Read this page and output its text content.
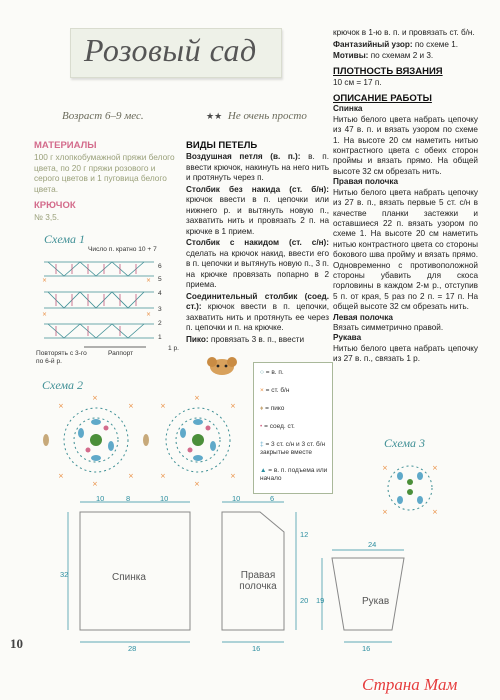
Розовый сад
Возраст 6–9 мес.	★★ Не очень просто
МАТЕРИАЛЫ
100 г хлопкобумажной пряжи белого цвета, по 20 г пряжи розового и серого цветов и 1 пуговица белого цвета.
КРЮЧОК
№ 3,5.
ВИДЫ ПЕТЕЛЬ

Воздушная петля (в. п.): в. п. ввести крючок, накинуть на него нить и протянуть через п.

Столбик без накида (ст. б/н): крючок ввести в п. цепочки или нижнего р. и вытянуть новую п., захватить нить и провязать 2 п. на крючке в 1 прием.

Столбик с накидом (ст. с/н): сделать на крючок накид, ввести его в п. цепочки и вытянуть новую п., 3 п. на крючке провязать попарно в 2 приема.

Соединительный столбик (соед. ст.): крючок ввести в п. цепочки, захватить нить и протянуть ее через п. цепочки и п. на крючке.

Пико: провязать 3 в. п., ввести

крючок в 1-ю в. п. и провязать ст. б/н.

Фантазийный узор: по схеме 1.

Мотивы: по схемам 2 и 3.

ПЛОТНОСТЬ ВЯЗАНИЯ

10 см = 17 п.

ОПИСАНИЕ РАБОТЫ
Спинка

Нитью белого цвета набрать цепочку из 47 в. п. и вязать узором по схеме 1. На высоте 20 см наметить нитью контрастного цвета с обеих сторон проймы и вязать прямо. На общей высоте 32 см обрезать нить.

Правая полочка

Нитью белого цвета набрать цепочку из 27 в. п., вязать первые 5 ст. с/н в качестве планки застежки и оставшиеся 22 п. вязать узором по схеме 1. На высоте 20 см наметить нитью контрастного цвета со стороны бокового шва пройму и вязать прямо. Одновременно с противоположной стороны убавить для скоса горловины в каждом 2-м р., отступив 5 п. от края, 5 раз по 2 п. = 17 п. На общей высоте 32 см обрезать нить.

Левая полочка

Вязать симметрично правой.

Рукава

Нитью белого цвета набрать цепочку из 27 в. п., связать 1 р.

Схема 1
Число п. кратно 10 + 7
×	×
×	×
6
5
4
3
2
1
1 р.
Раппорт
Повторять с 3-го по 6-й р.
Схема 2
×	×
×	×
×
×
×	×
×	×
×
×
○ = в. п.
× = ст. б/н
♦ = пико
• = соед. ст.
‡ = 3 ст. с/н и 3 ст. б/н закрытые вместе
▲ = в. п. подъема или начало
Схема 3
×	×
×	×
10	8	10
32
28
Спинка
10	6
12
20
16
Правая полочка
24
19
16
Рукав
10
Страна Мам
